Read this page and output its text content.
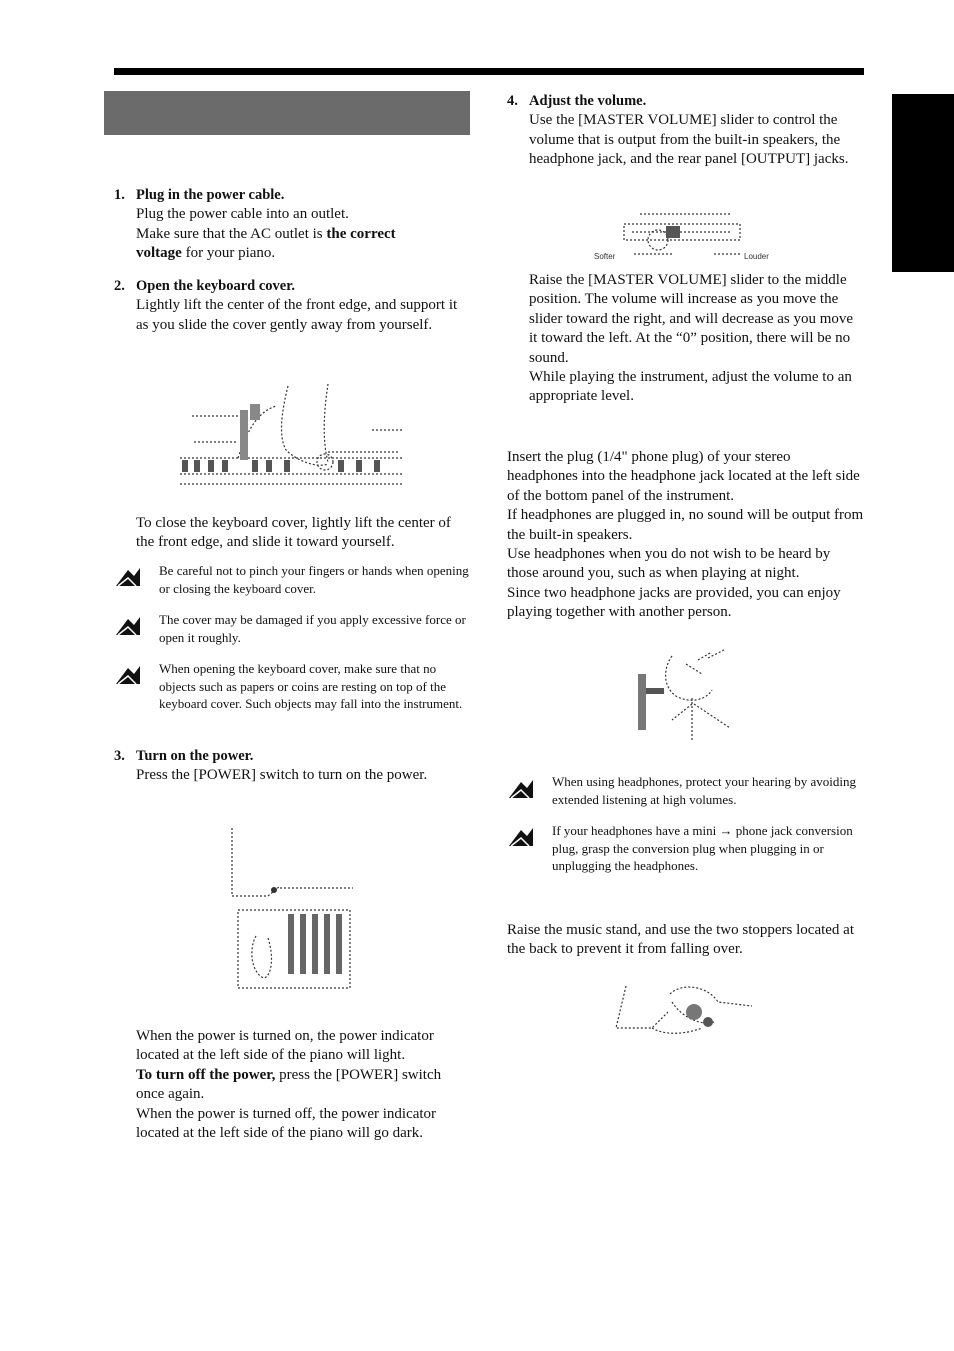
1. Plug in the power cable.

Plug the power cable into an outlet.

Make sure that the AC outlet is the correct

voltage for your piano.

2. Open the keyboard cover.

Lightly lift the center of the front edge, and support it as you slide the cover gently away from yourself.

To close the keyboard cover, lightly lift the center of the front edge, and slide it toward yourself.

Be careful not to pinch your fingers or hands when opening or closing the keyboard cover.
The cover may be damaged if you apply excessive force or open it roughly.
When opening the keyboard cover, make sure that no objects such as papers or coins are resting on top of the keyboard cover. Such objects may fall into the instrument.
3. Turn on the power.

Press the [POWER] switch to turn on the power.

When the power is turned on, the power indicator located at the left side of the piano will light.

To turn off the power, press the [POWER] switch once again.

When the power is turned off, the power indicator located at the left side of the piano will go dark.

4. Adjust the volume.

Use the [MASTER VOLUME] slider to control the volume that is output from the built-in speakers, the headphone jack, and the rear panel [OUTPUT] jacks.

Softer	Louder

Raise the [MASTER VOLUME] slider to the middle position. The volume will increase as you move the slider toward the right, and will decrease as you move it toward the left. At the “0” position, there will be no sound.

While playing the instrument, adjust the volume to an appropriate level.

Insert the plug (1/4" phone plug) of your stereo headphones into the headphone jack located at the left side of the bottom panel of the instrument.

If headphones are plugged in, no sound will be output from the built-in speakers.

Use headphones when you do not wish to be heard by those around you, such as when playing at night.

Since two headphone jacks are provided, you can enjoy playing together with another person.

When using headphones, protect your hearing by avoiding extended listening at high volumes.
If your headphones have a mini → phone jack conversion plug, grasp the conversion plug when plugging in or unplugging the headphones.

Raise the music stand, and use the two stoppers located at the back to prevent it from falling over.
